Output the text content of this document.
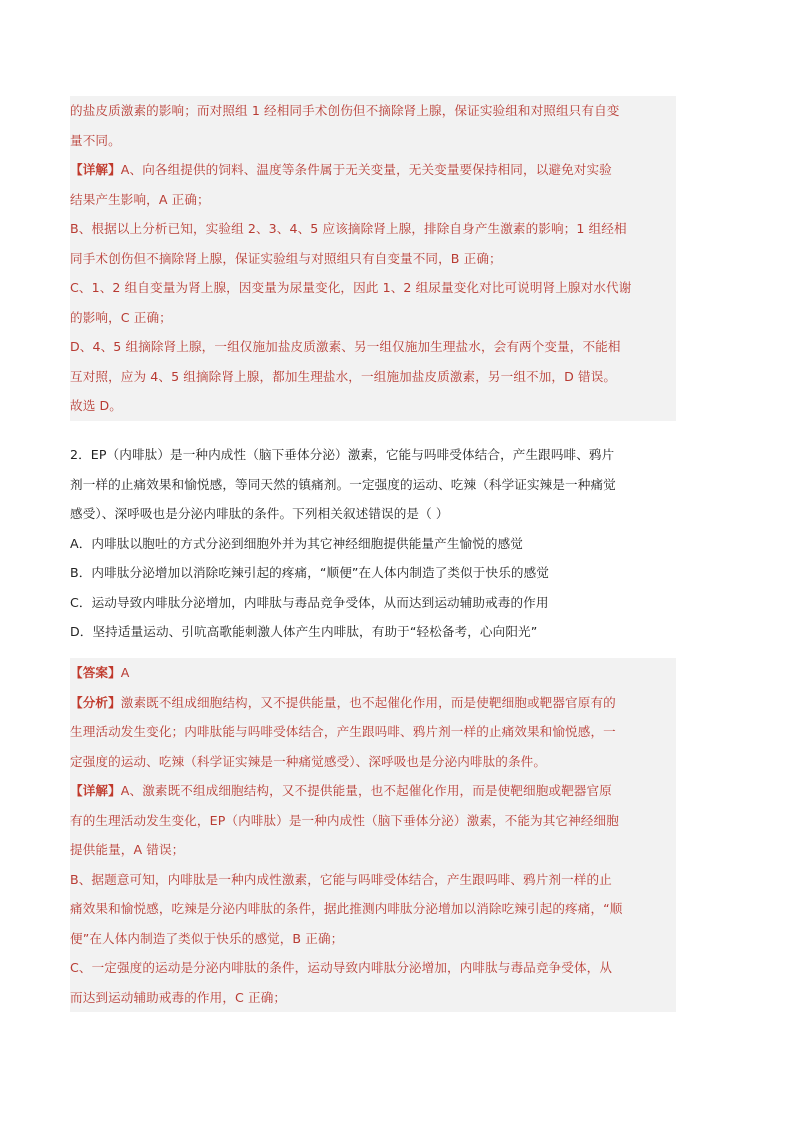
的盐皮质激素的影响；而对照组 1 经相同手术创伤但不摘除肾上腺，保证实验组和对照组只有自变
量不同。
【详解】A、向各组提供的饲料、温度等条件属于无关变量，无关变量要保持相同，以避免对实验
结果产生影响，A 正确；
B、根据以上分析已知，实验组 2、3、4、5 应该摘除肾上腺，排除自身产生激素的影响；1 组经相
同手术创伤但不摘除肾上腺，保证实验组与对照组只有自变量不同，B 正确；
C、1、2 组自变量为肾上腺，因变量为尿量变化，因此 1、2 组尿量变化对比可说明肾上腺对水代谢
的影响，C 正确；
D、4、5 组摘除肾上腺，一组仅施加盐皮质激素、另一组仅施加生理盐水，会有两个变量，不能相
互对照，应为 4、5 组摘除肾上腺，都加生理盐水，一组施加盐皮质激素，另一组不加，D 错误。
故选 D。
2．EP（内啡肽）是一种内成性（脑下垂体分泌）激素，它能与吗啡受体结合，产生跟吗啡、鸦片
剂一样的止痛效果和愉悦感，等同天然的镇痛剂。一定强度的运动、吃辣（科学证实辣是一种痛觉
感受）、深呼吸也是分泌内啡肽的条件。下列相关叙述错误的是（ ）
A．内啡肽以胞吐的方式分泌到细胞外并为其它神经细胞提供能量产生愉悦的感觉
B．内啡肽分泌增加以消除吃辣引起的疼痛，“顺便”在人体内制造了类似于快乐的感觉
C．运动导致内啡肽分泌增加，内啡肽与毒品竞争受体，从而达到运动辅助戒毒的作用
D．坚持适量运动、引吭高歌能刺激人体产生内啡肽，有助于“轻松备考，心向阳光”
【答案】A
【分析】激素既不组成细胞结构，又不提供能量，也不起催化作用，而是使靶细胞或靶器官原有的
生理活动发生变化；内啡肽能与吗啡受体结合，产生跟吗啡、鸦片剂一样的止痛效果和愉悦感，一
定强度的运动、吃辣（科学证实辣是一种痛觉感受）、深呼吸也是分泌内啡肽的条件。
【详解】A、激素既不组成细胞结构，又不提供能量，也不起催化作用，而是使靶细胞或靶器官原
有的生理活动发生变化，EP（内啡肽）是一种内成性（脑下垂体分泌）激素，不能为其它神经细胞
提供能量，A 错误；
B、据题意可知，内啡肽是一种内成性激素，它能与吗啡受体结合，产生跟吗啡、鸦片剂一样的止
痛效果和愉悦感，吃辣是分泌内啡肽的条件，据此推测内啡肽分泌增加以消除吃辣引起的疼痛，“顺
便”在人体内制造了类似于快乐的感觉，B 正确；
C、一定强度的运动是分泌内啡肽的条件，运动导致内啡肽分泌增加，内啡肽与毒品竞争受体，从
而达到运动辅助戒毒的作用，C 正确；
